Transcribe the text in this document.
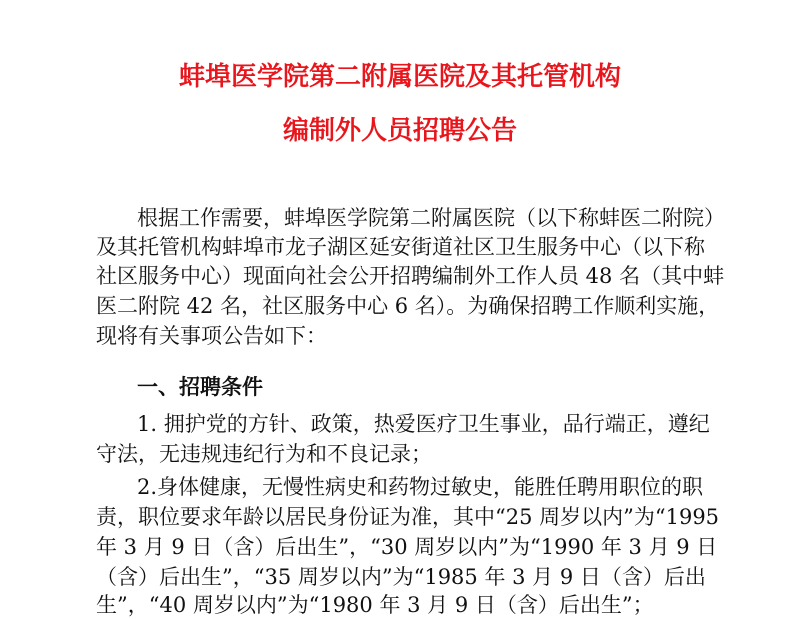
蚌埠医学院第二附属医院及其托管机构
编制外人员招聘公告
根据工作需要，蚌埠医学院第二附属医院（以下称蚌医二附院）
及其托管机构蚌埠市龙子湖区延安街道社区卫生服务中心（以下称
社区服务中心）现面向社会公开招聘编制外工作人员 48 名（其中蚌
医二附院 42 名，社区服务中心 6 名）。为确保招聘工作顺利实施，
现将有关事项公告如下：
一、招聘条件
1. 拥护党的方针、政策，热爱医疗卫生事业，品行端正，遵纪
守法，无违规违纪行为和不良记录；
2.身体健康，无慢性病史和药物过敏史，能胜任聘用职位的职
责，职位要求年龄以居民身份证为准，其中“25 周岁以内”为“1995
年 3 月 9 日（含）后出生”，“30 周岁以内”为“1990 年 3 月 9 日
（含）后出生”，“35 周岁以内”为“1985 年 3 月 9 日（含）后出
生”，“40 周岁以内”为“1980 年 3 月 9 日（含）后出生”；
